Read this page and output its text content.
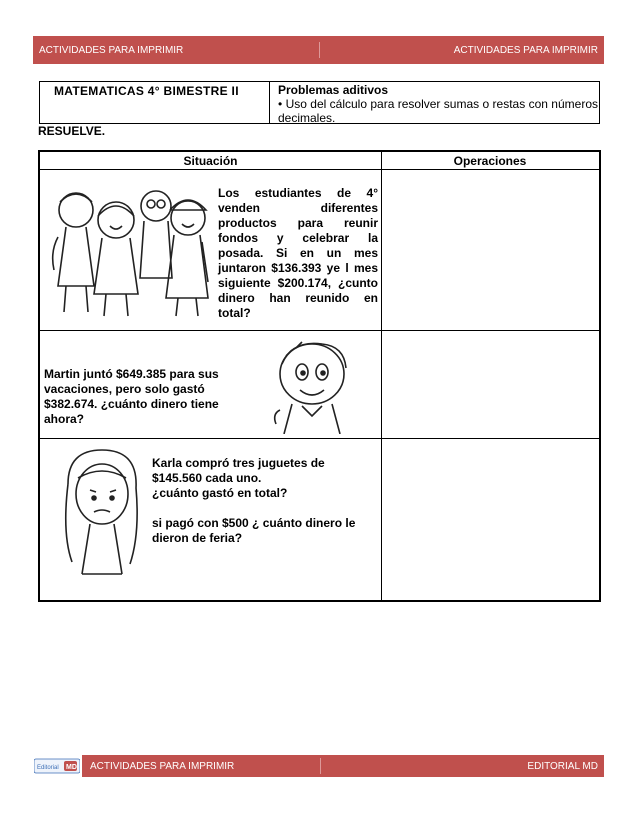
ACTIVIDADES PARA IMPRIMIR	ACTIVIDADES PARA IMPRIMIR
MATEMATICAS 4° BIMESTRE II	Problemas aditivos
• Uso del cálculo para resolver sumas o restas con números decimales.
RESUELVE.
Situación	Operaciones
Los estudiantes de 4° venden diferentes productos para reunir fondos y celebrar la posada. Si en un mes juntaron $136.393 ye l mes siguiente $200.174, ¿cunto dinero han reunido en total?
Martin juntó $649.385 para sus vacaciones, pero solo gastó $382.674. ¿cuánto dinero tiene ahora?
Karla compró tres juguetes de $145.560 cada uno.
¿cuánto gastó en total?
si pagó con $500 ¿ cuánto dinero le dieron de feria?
ACTIVIDADES PARA IMPRIMIR	EDITORIAL MD
Editorial MD
